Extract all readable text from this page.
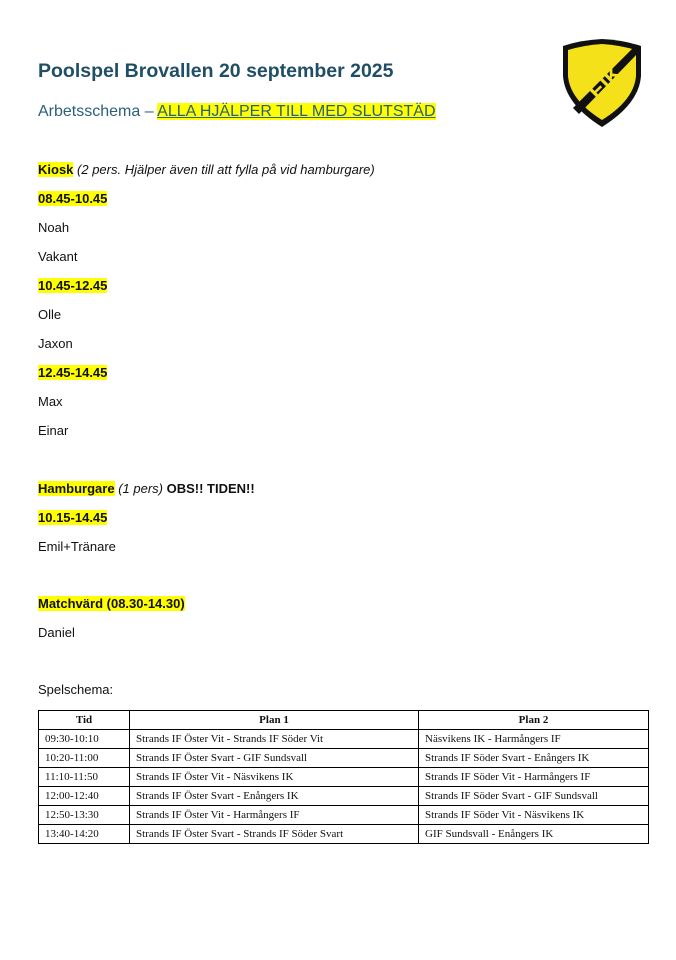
Poolspel Brovallen 20 september 2025
Arbetsschema – ALLA HJÄLPER TILL MED SLUTSTÄD
EIK
Kiosk (2 pers. Hjälper även till att fylla på vid hamburgare)
08.45-10.45
Noah
Vakant
10.45-12.45
Olle
Jaxon
12.45-14.45
Max
Einar
Hamburgare (1 pers) OBS!! TIDEN!!
10.15-14.45
Emil+Tränare
Matchvärd (08.30-14.30)
Daniel
Spelschema:
Tid	Plan 1	Plan 2
09:30-10:10	Strands IF Öster Vit - Strands IF Söder Vit	Näsvikens IK - Harmångers IF
10:20-11:00	Strands IF Öster Svart - GIF Sundsvall	Strands IF Söder Svart - Enångers IK
11:10-11:50	Strands IF Öster Vit - Näsvikens IK	Strands IF Söder Vit - Harmångers IF
12:00-12:40	Strands IF Öster Svart - Enångers IK	Strands IF Söder Svart - GIF Sundsvall
12:50-13:30	Strands IF Öster Vit - Harmångers IF	Strands IF Söder Vit - Näsvikens IK
13:40-14:20	Strands IF Öster Svart - Strands IF Söder Svart	GIF Sundsvall - Enångers IK
